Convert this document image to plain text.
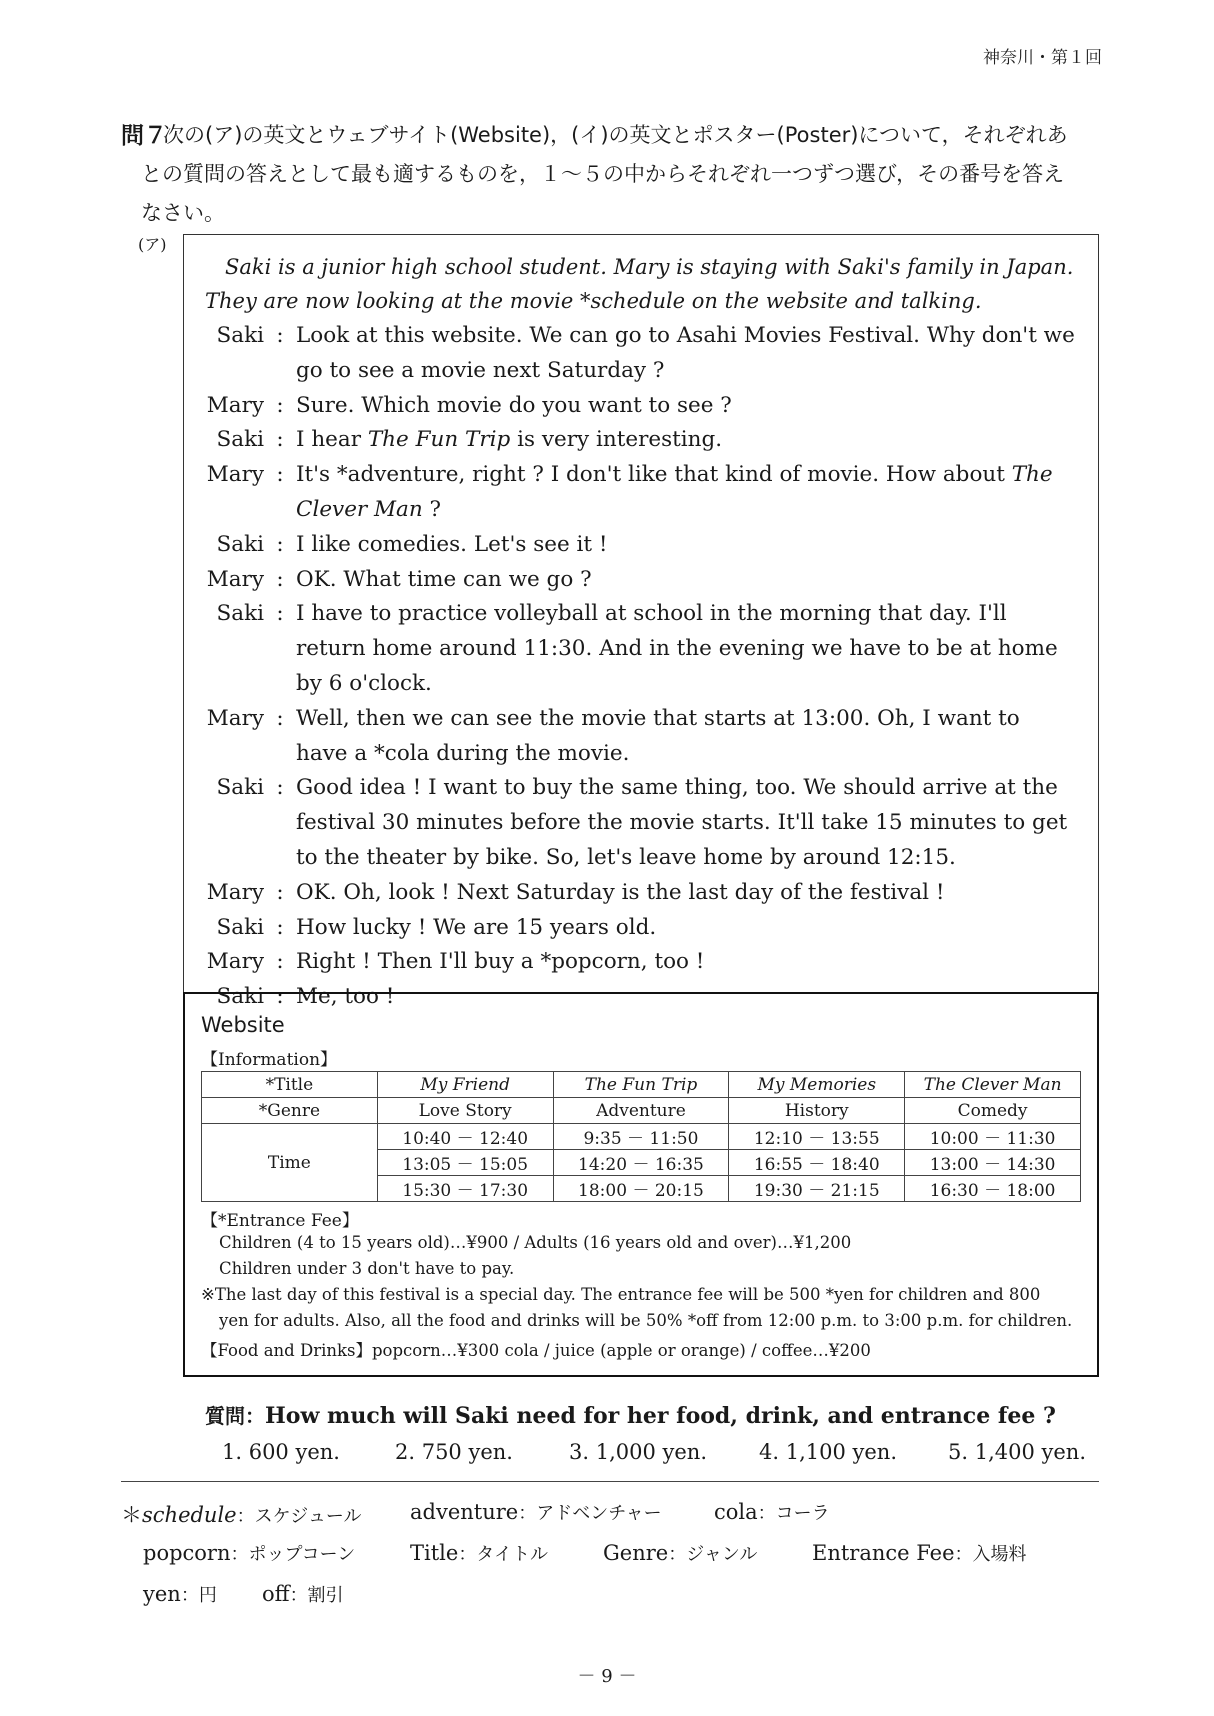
神奈川・第１回
問７
次の(ア)の英文とウェブサイト(Website)，(イ)の英文とポスター(Poster)について，それぞれあとの質問の答えとして最も適するものを，１～５の中からそれぞれ一つずつ選び，その番号を答えなさい。
(ア)
Saki is a junior high school student. Mary is staying with Saki's family in Japan.
They are now looking at the movie *schedule on the website and talking.
Saki : Look at this website. We can go to Asahi Movies Festival. Why don't we go to see a movie next Saturday ?
Mary : Sure. Which movie do you want to see ?
Saki : I hear The Fun Trip is very interesting.
Mary : It's *adventure, right ? I don't like that kind of movie. How about The Clever Man ?
Saki : I like comedies. Let's see it !
Mary : OK. What time can we go ?
Saki : I have to practice volleyball at school in the morning that day. I'll return home around 11:30. And in the evening we have to be at home by 6 o'clock.
Mary : Well, then we can see the movie that starts at 13:00. Oh, I want to have a *cola during the movie.
Saki : Good idea ! I want to buy the same thing, too. We should arrive at the festival 30 minutes before the movie starts. It'll take 15 minutes to get to the theater by bike. So, let's leave home by around 12:15.
Mary : OK. Oh, look ! Next Saturday is the last day of the festival !
Saki : How lucky ! We are 15 years old.
Mary : Right ! Then I'll buy a *popcorn, too !
Saki : Me, too !
Website
【Information】
*Title	My Friend	The Fun Trip	My Memories	The Clever Man
*Genre	Love Story	Adventure	History	Comedy
Time	10:40 － 12:40	9:35 － 11:50	12:10 － 13:55	10:00 － 11:30
	13:05 － 15:05	14:20 － 16:35	16:55 － 18:40	13:00 － 14:30
	15:30 － 17:30	18:00 － 20:15	19:30 － 21:15	16:30 － 18:00
【*Entrance Fee】
Children (4 to 15 years old)…¥900 / Adults (16 years old and over)…¥1,200
Children under 3 don't have to pay.
※The last day of this festival is a special day. The entrance fee will be 500 *yen for children and 800
yen for adults. Also, all the food and drinks will be 50% *off from 12:00 p.m. to 3:00 p.m. for children.
【Food and Drinks】popcorn…¥300 cola / juice (apple or orange) / coffee…¥200
質問：How much will Saki need for her food, drink, and entrance fee ?
1. 600 yen.	2. 750 yen.	3. 1,000 yen. 4. 1,100 yen. 5. 1,400 yen.
＊schedule：スケジュール adventure：アドベンチャー cola：コーラ
popcorn：ポップコーン	Title：タイトル	Genre：ジャンル	Entrance Fee：入場料
yen：円 off：割引
－ 9 －
